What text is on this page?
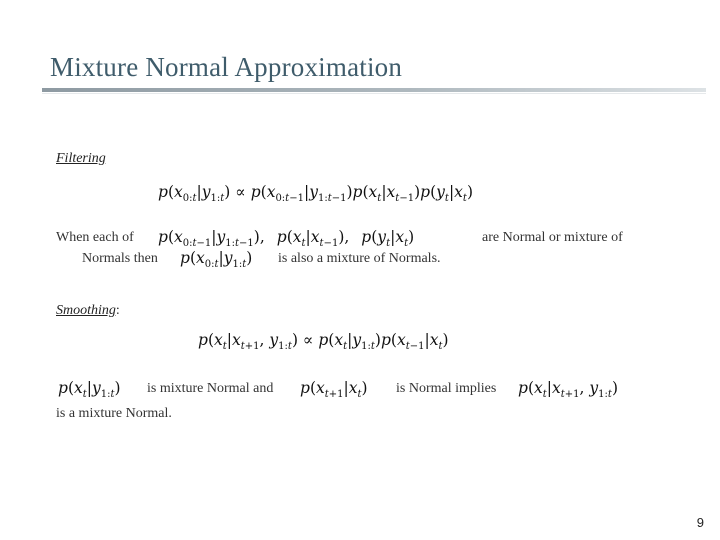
Mixture Normal Approximation
Filtering
$p(x_{0:t}|y_{1:t}) \propto p(x_{0:t-1}|y_{1:t-1})p(x_t|x_{t-1})p(y_t|x_t)$
When each of $p(x_{0:t-1}|y_{1:t-1})$, $p(x_t|x_{t-1})$, $p(y_t|x_t)$	are Normal or mixture of
Normals then $p(x_{0:t}|y_{1:t})$ is also a mixture of Normals.
Smoothing:
$p(x_t|x_{t+1}$, $y_{1:t}) \propto p(x_t|y_{1:t})p(x_{t-1}|x_t)$
$p(x_t|y_{1:t})$ is mixture Normal and $p(x_{t+1}|x_t)$ is Normal implies $p(x_t|x_{t+1}$, $y_{1:t}$)
is a mixture Normal.
9
